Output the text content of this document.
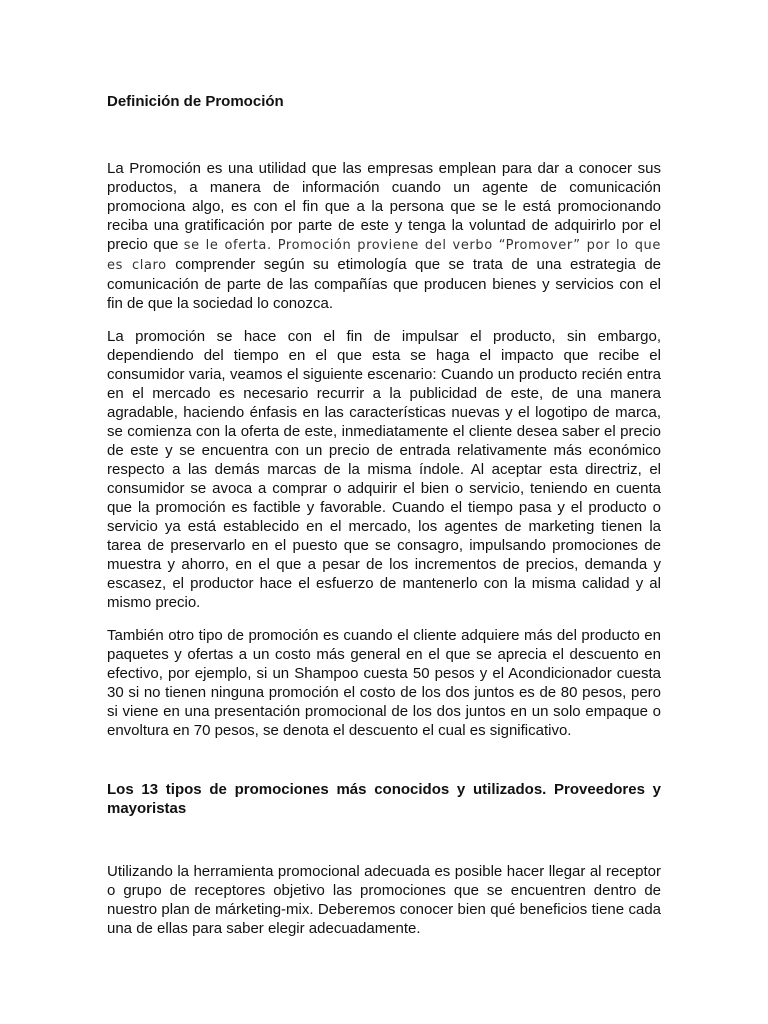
Definición de Promoción

La Promoción es una utilidad que las empresas emplean para dar a conocer sus productos, a manera de información cuando un agente de comunicación promociona algo, es con el fin que a la persona que se le está promocionando reciba una gratificación por parte de este y tenga la voluntad de adquirirlo por el precio que se le oferta. Promoción proviene del verbo “Promover” por lo que es claro comprender según su etimología que se trata de una estrategia de comunicación de parte de las compañías que producen bienes y servicios con el fin de que la sociedad lo conozca.

La promoción se hace con el fin de impulsar el producto, sin embargo, dependiendo del tiempo en el que esta se haga el impacto que recibe el consumidor varia, veamos el siguiente escenario: Cuando un producto recién entra en el mercado es necesario recurrir a la publicidad de este, de una manera agradable, haciendo énfasis en las características nuevas y el logotipo de marca, se comienza con la oferta de este, inmediatamente el cliente desea saber el precio de este y se encuentra con un precio de entrada relativamente más económico respecto a las demás marcas de la misma índole. Al aceptar esta directriz, el consumidor se avoca a comprar o adquirir el bien o servicio, teniendo en cuenta que la promoción es factible y favorable. Cuando el tiempo pasa y el producto o servicio ya está establecido en el mercado, los agentes de marketing tienen la tarea de preservarlo en el puesto que se consagro, impulsando promociones de muestra y ahorro, en el que a pesar de los incrementos de precios, demanda y escasez, el productor hace el esfuerzo de mantenerlo con la misma calidad y al mismo precio.

También otro tipo de promoción es cuando el cliente adquiere más del producto en paquetes y ofertas a un costo más general en el que se aprecia el descuento en efectivo, por ejemplo, si un Shampoo cuesta 50 pesos y el Acondicionador cuesta 30 si no tienen ninguna promoción el costo de los dos juntos es de 80 pesos, pero si viene en una presentación promocional de los dos juntos en un solo empaque o envoltura en 70 pesos, se denota el descuento el cual es significativo.

Los 13 tipos de promociones más conocidos y utilizados. Proveedores y mayoristas

Utilizando la herramienta promocional adecuada es posible hacer llegar al receptor o grupo de receptores objetivo las promociones que se encuentren dentro de nuestro plan de márketing-mix. Deberemos conocer bien qué beneficios tiene cada una de ellas para saber elegir adecuadamente.
